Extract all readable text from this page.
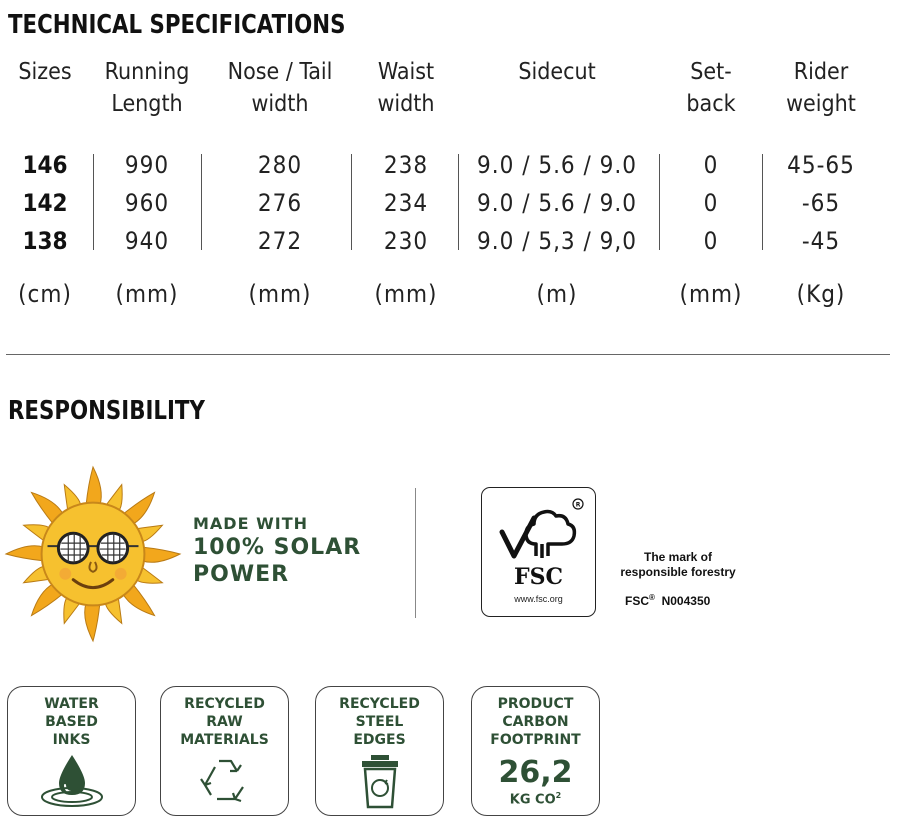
TECHNICAL SPECIFICATIONS
Sizes
146
142
138
(cm)
Running
Length
990
960
940
(mm)
Nose / Tail
width
280
276
272
(mm)
Waist
width
238
234
230
(mm)
Sidecut
9.0 / 5.6 / 9.0
9.0 / 5.6 / 9.0
9.0 / 5,3 / 9,0
(m)
Set-
back
0
0
0
(mm)
Rider
weight
45-65
-65
-45
(Kg)
RESPONSIBILITY
MADE WITH
100% SOLAR
POWER
R
FSC
www.fsc.org
The mark of
responsible forestry
FSC® N004350
WATER
BASED
INKS
RECYCLED
RAW
MATERIALS
RECYCLED
STEEL
EDGES
PRODUCT
CARBON
FOOTPRINT
26,2
KG $CO^2$
